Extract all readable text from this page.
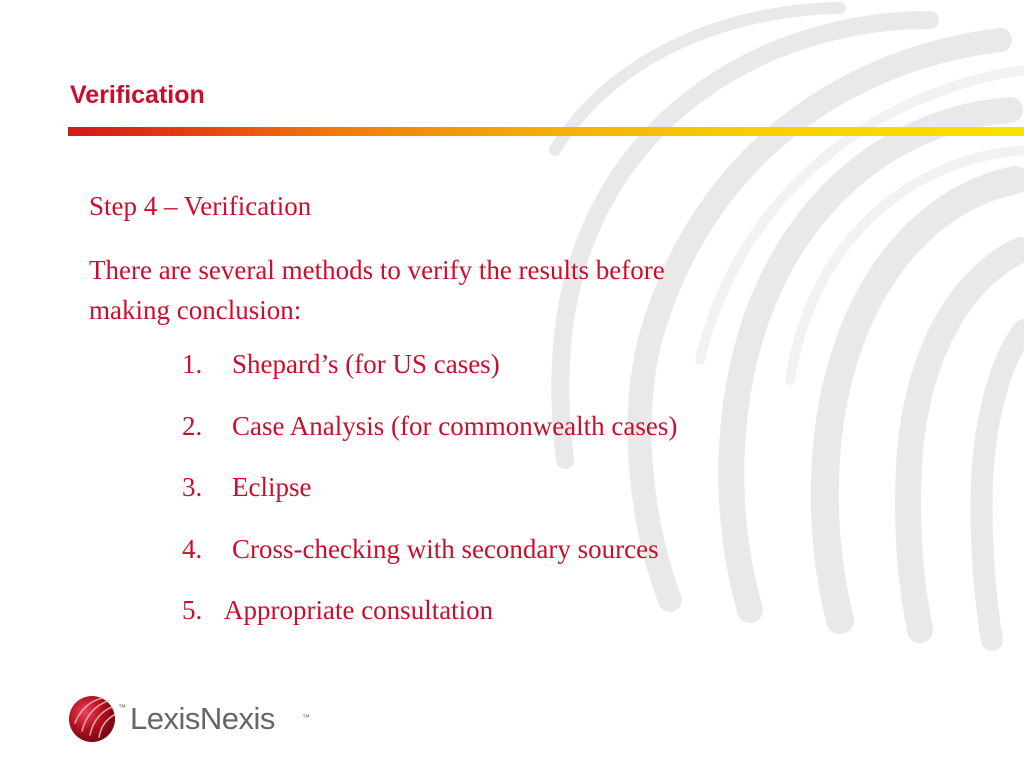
Verification

Step 4 – Verification

There are several methods to verify the results before making conclusion:

1. Shepard’s (for US cases)
2. Case Analysis (for commonwealth cases)
3. Eclipse
4. Cross-checking with secondary sources
5. Appropriate consultation
™ LexisNexis	™
